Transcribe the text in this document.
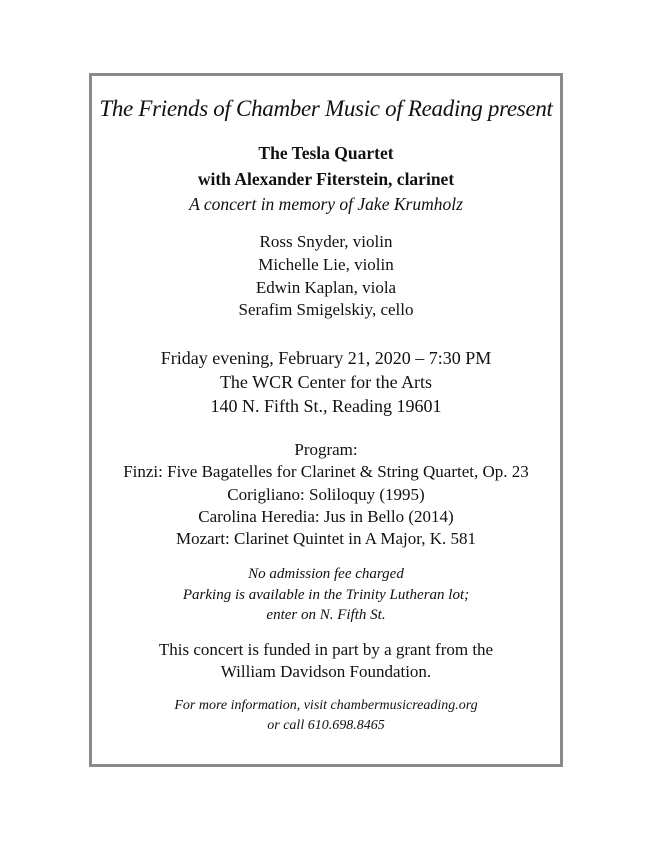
The Friends of Chamber Music of Reading present
The Tesla Quartet
with Alexander Fiterstein, clarinet
A concert in memory of Jake Krumholz
Ross Snyder, violin
Michelle Lie, violin
Edwin Kaplan, viola
Serafim Smigelskiy, cello
Friday evening, February 21, 2020 – 7:30 PM
The WCR Center for the Arts
140 N. Fifth St., Reading 19601
Program:
Finzi: Five Bagatelles for Clarinet & String Quartet, Op. 23
Corigliano: Soliloquy (1995)
Carolina Heredia: Jus in Bello (2014)
Mozart: Clarinet Quintet in A Major, K. 581
No admission fee charged
Parking is available in the Trinity Lutheran lot;
enter on N. Fifth St.
This concert is funded in part by a grant from the
William Davidson Foundation.
For more information, visit chambermusicreading.org
or call 610.698.8465
